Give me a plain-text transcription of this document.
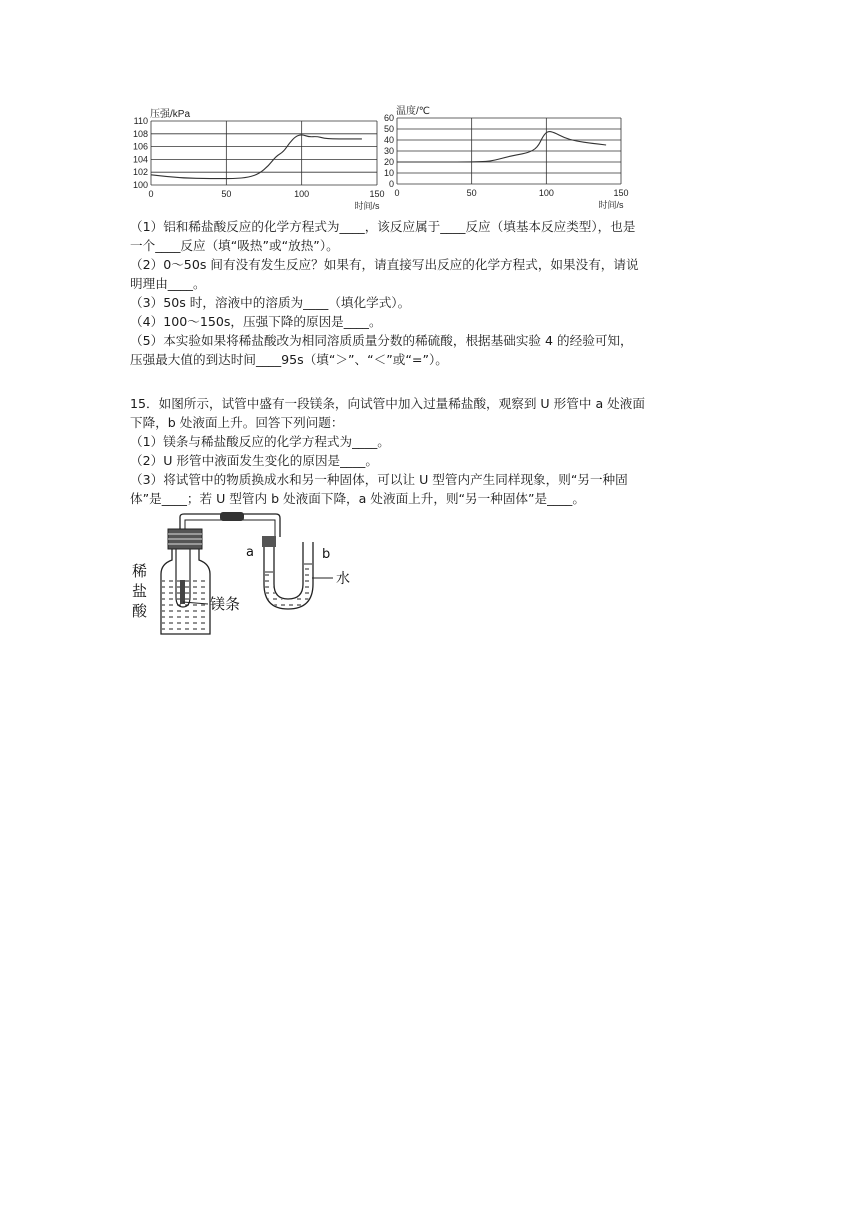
100
102
104
106
108
110
0	50	100	150
压强/kPa
时间/s
0
10
20
30
40
50
60
0	50	100	150
温度/℃
时间/s

（1）铝和稀盐酸反应的化学方程式为____，该反应属于____反应（填基本反应类型），也是

一个____反应（填“吸热”或“放热”）。

（2）0～50s 间有没有发生反应？如果有，请直接写出反应的化学方程式，如果没有，请说

明理由____。

（3）50s 时，溶液中的溶质为____（填化学式）。

（4）100～150s，压强下降的原因是____。

（5）本实验如果将稀盐酸改为相同溶质质量分数的稀硫酸，根据基础实验 4 的经验可知，

压强最大值的到达时间____95s（填“＞”、“＜”或“=”）。

15．如图所示，试管中盛有一段镁条，向试管中加入过量稀盐酸，观察到 U 形管中 a 处液面

下降，b 处液面上升。回答下列问题：

（1）镁条与稀盐酸反应的化学方程式为____。

（2）U 形管中液面发生变化的原因是____。

（3）将试管中的物质换成水和另一种固体，可以让 U 型管内产生同样现象，则“另一种固

体”是____；若 U 型管内 b 处液面下降，a 处液面上升，则“另一种固体”是____。

稀
盐
酸	镁条
a	b
水
